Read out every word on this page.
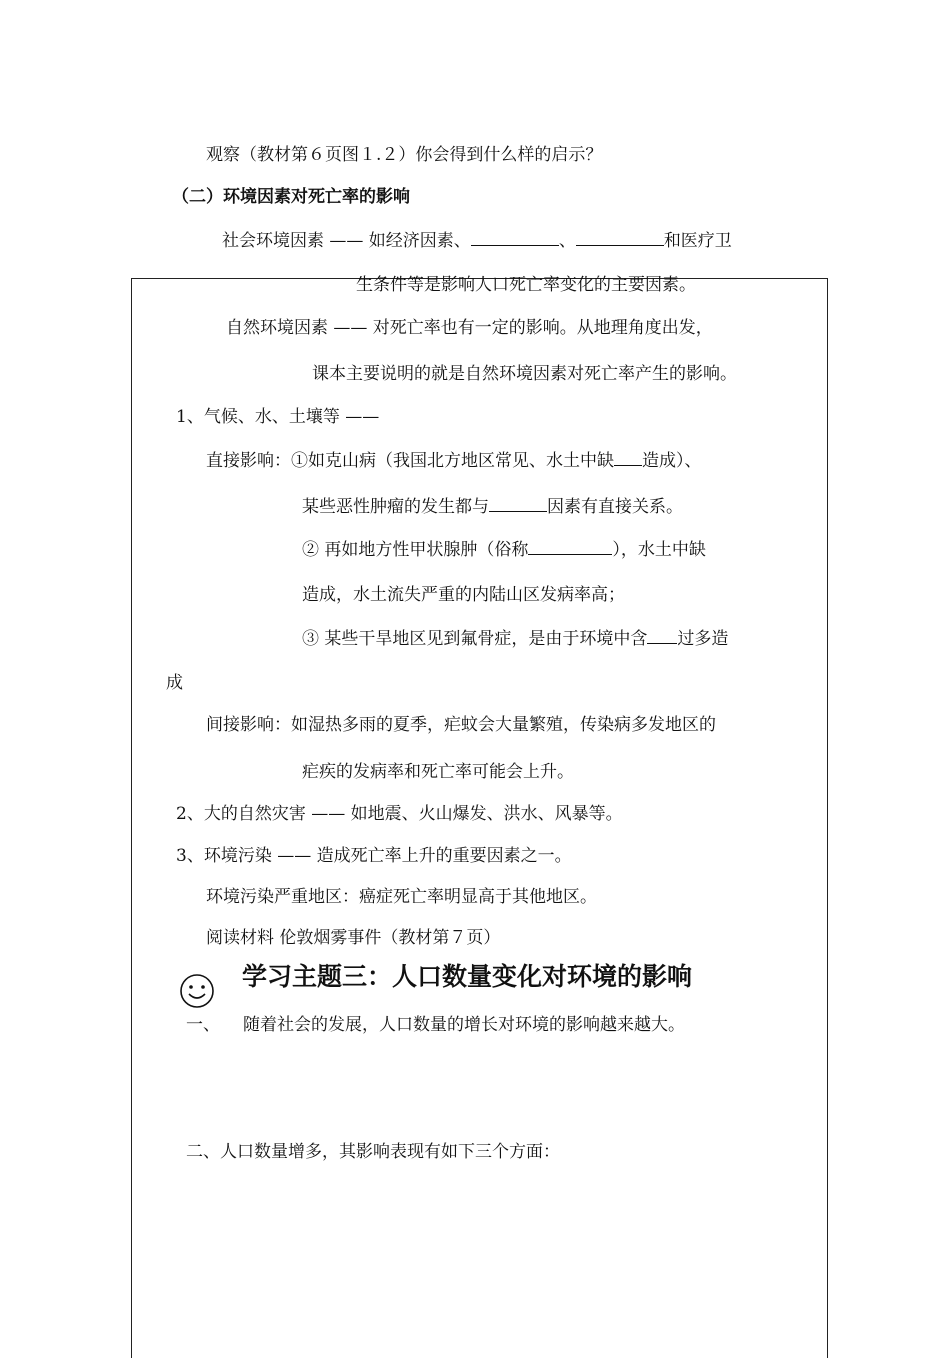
观察（教材第６页图１.２）你会得到什么样的启示？
（二）环境因素对死亡率的影响
社会环境因素 —— 如经济因素、	、	和医疗卫
生条件等是影响人口死亡率变化的主要因素。
自然环境因素 —— 对死亡率也有一定的影响。从地理角度出发，
课本主要说明的就是自然环境因素对死亡率产生的影响。
1、气候、水、土壤等 ——
直接影响：①如克山病（我国北方地区常见、水土中缺 造成）、
某些恶性肿瘤的发生都与	因素有直接关系。
② 再如地方性甲状腺肿（俗称	），水土中缺
造成，水土流失严重的内陆山区发病率高；
③ 某些干旱地区见到氟骨症，是由于环境中含 过多造
成
间接影响：如湿热多雨的夏季，疟蚊会大量繁殖，传染病多发地区的
疟疾的发病率和死亡率可能会上升。
2、大的自然灾害 —— 如地震、火山爆发、洪水、风暴等。
3、环境污染 —— 造成死亡率上升的重要因素之一。
环境污染严重地区：癌症死亡率明显高于其他地区。
阅读材料 伦敦烟雾事件（教材第７页）
学习主题三：人口数量变化对环境的影响
一、 随着社会的发展，人口数量的增长对环境的影响越来越大。
二、人口数量增多，其影响表现有如下三个方面：
